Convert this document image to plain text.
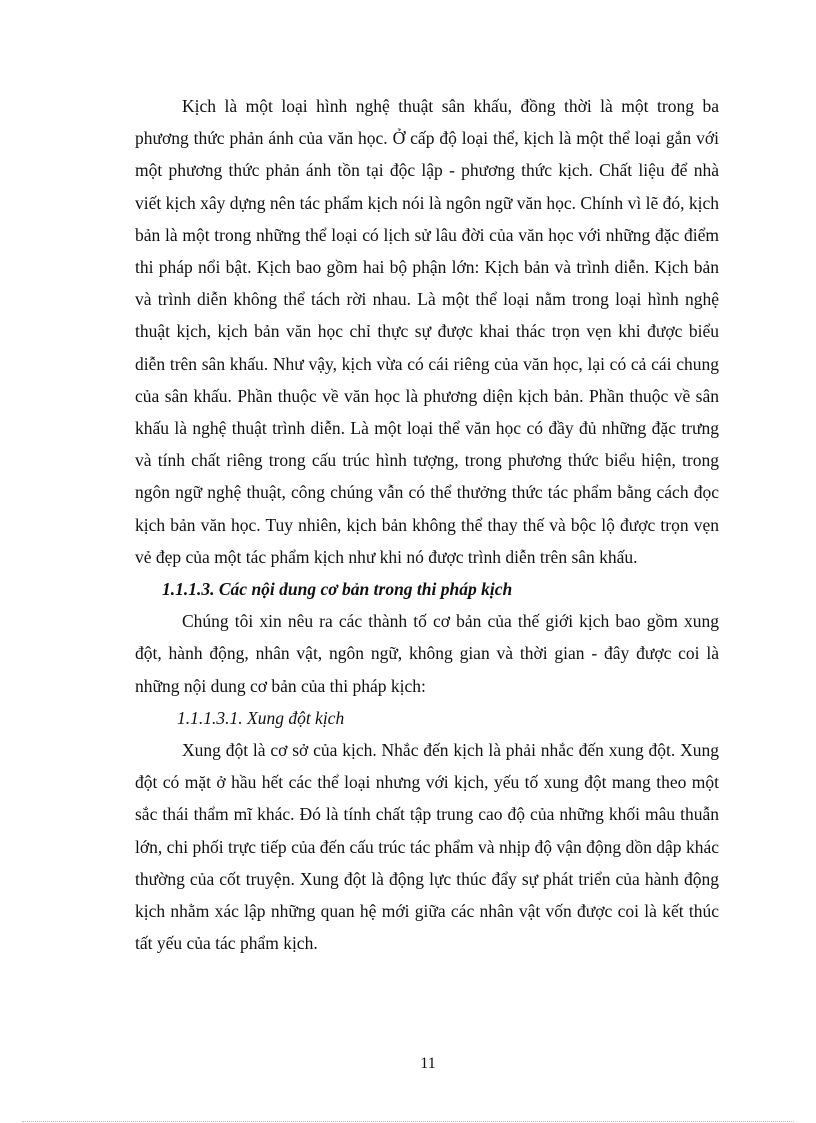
Kịch là một loại hình nghệ thuật sân khấu, đồng thời là một trong ba phương thức phản ánh của văn học. Ở cấp độ loại thể, kịch là một thể loại gắn với một phương thức phản ánh tồn tại độc lập - phương thức kịch. Chất liệu để nhà viết kịch xây dựng nên tác phẩm kịch nói là ngôn ngữ văn học. Chính vì lẽ đó, kịch bản là một trong những thể loại có lịch sử lâu đời của văn học với những đặc điểm thi pháp nổi bật. Kịch bao gồm hai bộ phận lớn: Kịch bản và trình diễn. Kịch bản và trình diễn không thể tách rời nhau. Là một thể loại nằm trong loại hình nghệ thuật kịch, kịch bản văn học chỉ thực sự được khai thác trọn vẹn khi được biểu diễn trên sân khấu. Như vậy, kịch vừa có cái riêng của văn học, lại có cả cái chung của sân khấu. Phần thuộc về văn học là phương diện kịch bản. Phần thuộc về sân khấu là nghệ thuật trình diễn. Là một loại thể văn học có đầy đủ những đặc trưng và tính chất riêng trong cấu trúc hình tượng, trong phương thức biểu hiện, trong ngôn ngữ nghệ thuật, công chúng vẫn có thể thưởng thức tác phẩm bằng cách đọc kịch bản văn học. Tuy nhiên, kịch bản không thể thay thế và bộc lộ được trọn vẹn vẻ đẹp của một tác phẩm kịch như khi nó được trình diễn trên sân khấu.

1.1.1.3. Các nội dung cơ bản trong thi pháp kịch

Chúng tôi xin nêu ra các thành tố cơ bản của thế giới kịch bao gồm xung đột, hành động, nhân vật, ngôn ngữ, không gian và thời gian - đây được coi là những nội dung cơ bản của thi pháp kịch:

1.1.1.3.1. Xung đột kịch

Xung đột là cơ sở của kịch. Nhắc đến kịch là phải nhắc đến xung đột. Xung đột có mặt ở hầu hết các thể loại nhưng với kịch, yếu tố xung đột mang theo một sắc thái thẩm mĩ khác. Đó là tính chất tập trung cao độ của những khối mâu thuẫn lớn, chi phối trực tiếp của đến cấu trúc tác phẩm và nhịp độ vận động dồn dập khác thường của cốt truyện. Xung đột là động lực thúc đẩy sự phát triển của hành động kịch nhằm xác lập những quan hệ mới giữa các nhân vật vốn được coi là kết thúc tất yếu của tác phẩm kịch.

11
